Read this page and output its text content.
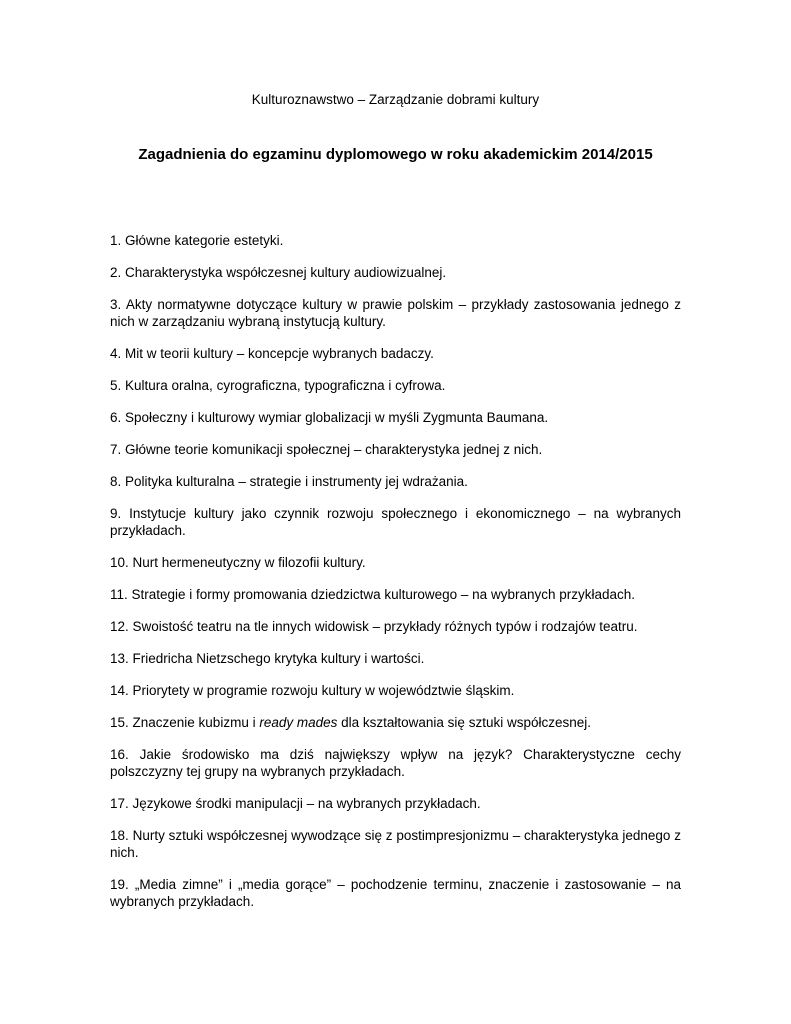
Kulturoznawstwo – Zarządzanie dobrami kultury
Zagadnienia do egzaminu dyplomowego w roku akademickim 2014/2015
1. Główne kategorie estetyki.
2. Charakterystyka współczesnej kultury audiowizualnej.
3. Akty normatywne dotyczące kultury w prawie polskim – przykłady zastosowania jednego z nich w zarządzaniu wybraną instytucją kultury.
4. Mit w teorii kultury – koncepcje wybranych badaczy.
5. Kultura oralna, cyrograficzna, typograficzna i cyfrowa.
6. Społeczny i kulturowy wymiar globalizacji w myśli Zygmunta Baumana.
7. Główne teorie komunikacji społecznej – charakterystyka jednej z nich.
8. Polityka kulturalna – strategie i instrumenty jej wdrażania.
9. Instytucje kultury jako czynnik rozwoju społecznego i ekonomicznego – na wybranych przykładach.
10. Nurt hermeneutyczny w filozofii kultury.
11. Strategie i formy promowania dziedzictwa kulturowego – na wybranych przykładach.
12. Swoistość teatru na tle innych widowisk – przykłady różnych typów i rodzajów teatru.
13. Friedricha Nietzschego krytyka kultury i wartości.
14. Priorytety w programie rozwoju kultury w województwie śląskim.
15. Znaczenie kubizmu i ready mades dla kształtowania się sztuki współczesnej.
16. Jakie środowisko ma dziś największy wpływ na język? Charakterystyczne cechy polszczyzny tej grupy na wybranych przykładach.
17. Językowe środki manipulacji – na wybranych przykładach.
18. Nurty sztuki współczesnej wywodzące się z postimpresjonizmu – charakterystyka jednego z nich.
19. „Media zimne” i „media gorące” – pochodzenie terminu, znaczenie i zastosowanie – na wybranych przykładach.
